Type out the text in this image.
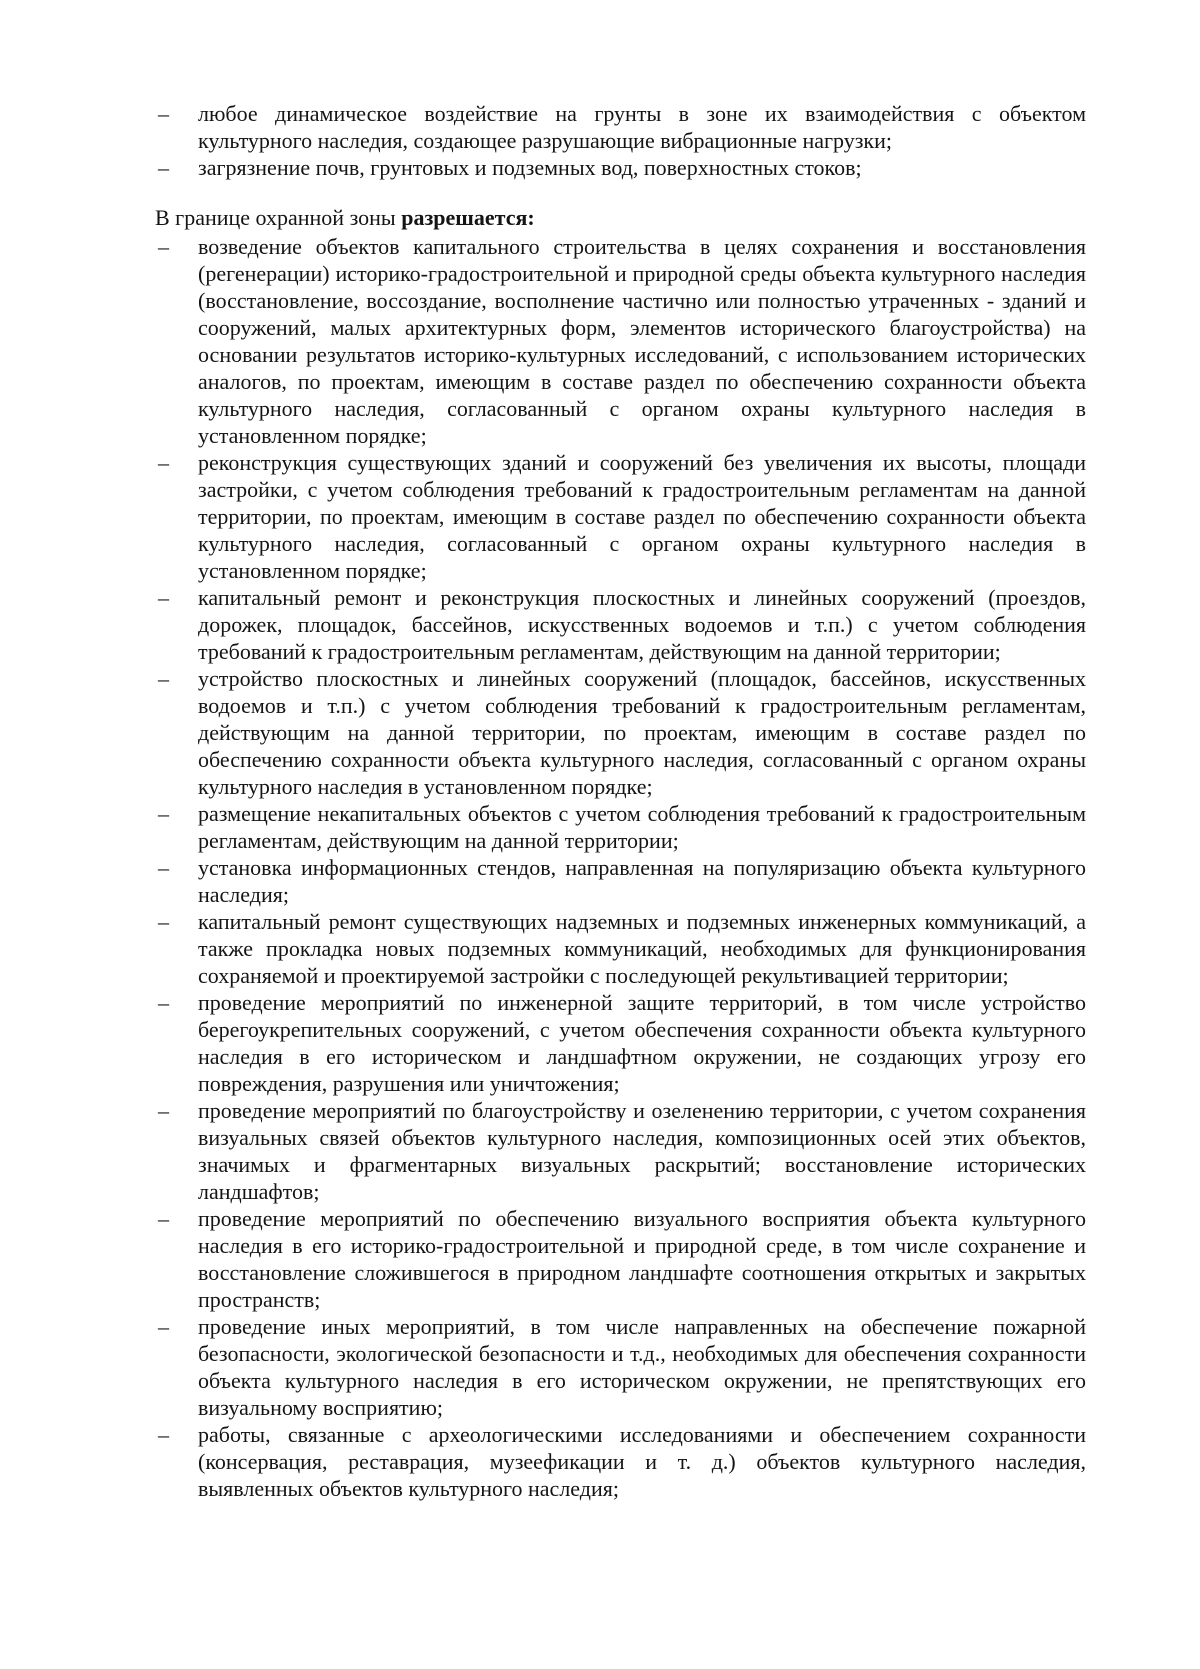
–	любое динамическое воздействие на грунты в зоне их взаимодействия с объектом культурного наследия, создающее разрушающие вибрационные нагрузки;
–	загрязнение почв, грунтовых и подземных вод, поверхностных стоков;
В границе охранной зоны разрешается:
–	возведение объектов капитального строительства в целях сохранения и восстановления (регенерации) историко-градостроительной и природной среды объекта культурного наследия (восстановление, воссоздание, восполнение частично или полностью утраченных - зданий и сооружений, малых архитектурных форм, элементов исторического благоустройства) на основании результатов историко-культурных исследований, с использованием исторических аналогов, по проектам, имеющим в составе раздел по обеспечению сохранности объекта культурного наследия, согласованный с органом охраны культурного наследия в установленном порядке;
–	реконструкция существующих зданий и сооружений без увеличения их высоты, площади застройки, с учетом соблюдения требований к градостроительным регламентам на данной территории, по проектам, имеющим в составе раздел по обеспечению сохранности объекта культурного наследия, согласованный с органом охраны культурного наследия в установленном порядке;
–	капитальный ремонт и реконструкция плоскостных и линейных сооружений (проездов, дорожек, площадок, бассейнов, искусственных водоемов и т.п.) с учетом соблюдения требований к градостроительным регламентам, действующим на данной территории;
–	устройство плоскостных и линейных сооружений (площадок, бассейнов, искусственных водоемов и т.п.) с учетом соблюдения требований к градостроительным регламентам, действующим на данной территории, по проектам, имеющим в составе раздел по обеспечению сохранности объекта культурного наследия, согласованный с органом охраны культурного наследия в установленном порядке;
–	размещение некапитальных объектов с учетом соблюдения требований к градостроительным регламентам, действующим на данной территории;
–	установка информационных стендов, направленная на популяризацию объекта культурного наследия;
–	капитальный ремонт существующих надземных и подземных инженерных коммуникаций, а также прокладка новых подземных коммуникаций, необходимых для функционирования сохраняемой и проектируемой застройки с последующей рекультивацией территории;
–	проведение мероприятий по инженерной защите территорий, в том числе устройство берегоукрепительных сооружений, с учетом обеспечения сохранности объекта культурного наследия в его историческом и ландшафтном окружении, не создающих угрозу его повреждения, разрушения или уничтожения;
–	проведение мероприятий по благоустройству и озеленению территории, с учетом сохранения визуальных связей объектов культурного наследия, композиционных осей этих объектов, значимых и фрагментарных визуальных раскрытий; восстановление исторических ландшафтов;
–	проведение мероприятий по обеспечению визуального восприятия объекта культурного наследия в его историко-градостроительной и природной среде, в том числе сохранение и восстановление сложившегося в природном ландшафте соотношения открытых и закрытых пространств;
–	проведение иных мероприятий, в том числе направленных на обеспечение пожарной безопасности, экологической безопасности и т.д., необходимых для обеспечения сохранности объекта культурного наследия в его историческом окружении, не препятствующих его визуальному восприятию;
–	работы, связанные с археологическими исследованиями и обеспечением сохранности (консервация, реставрация, музеефикации и т. д.) объектов культурного наследия, выявленных объектов культурного наследия;
